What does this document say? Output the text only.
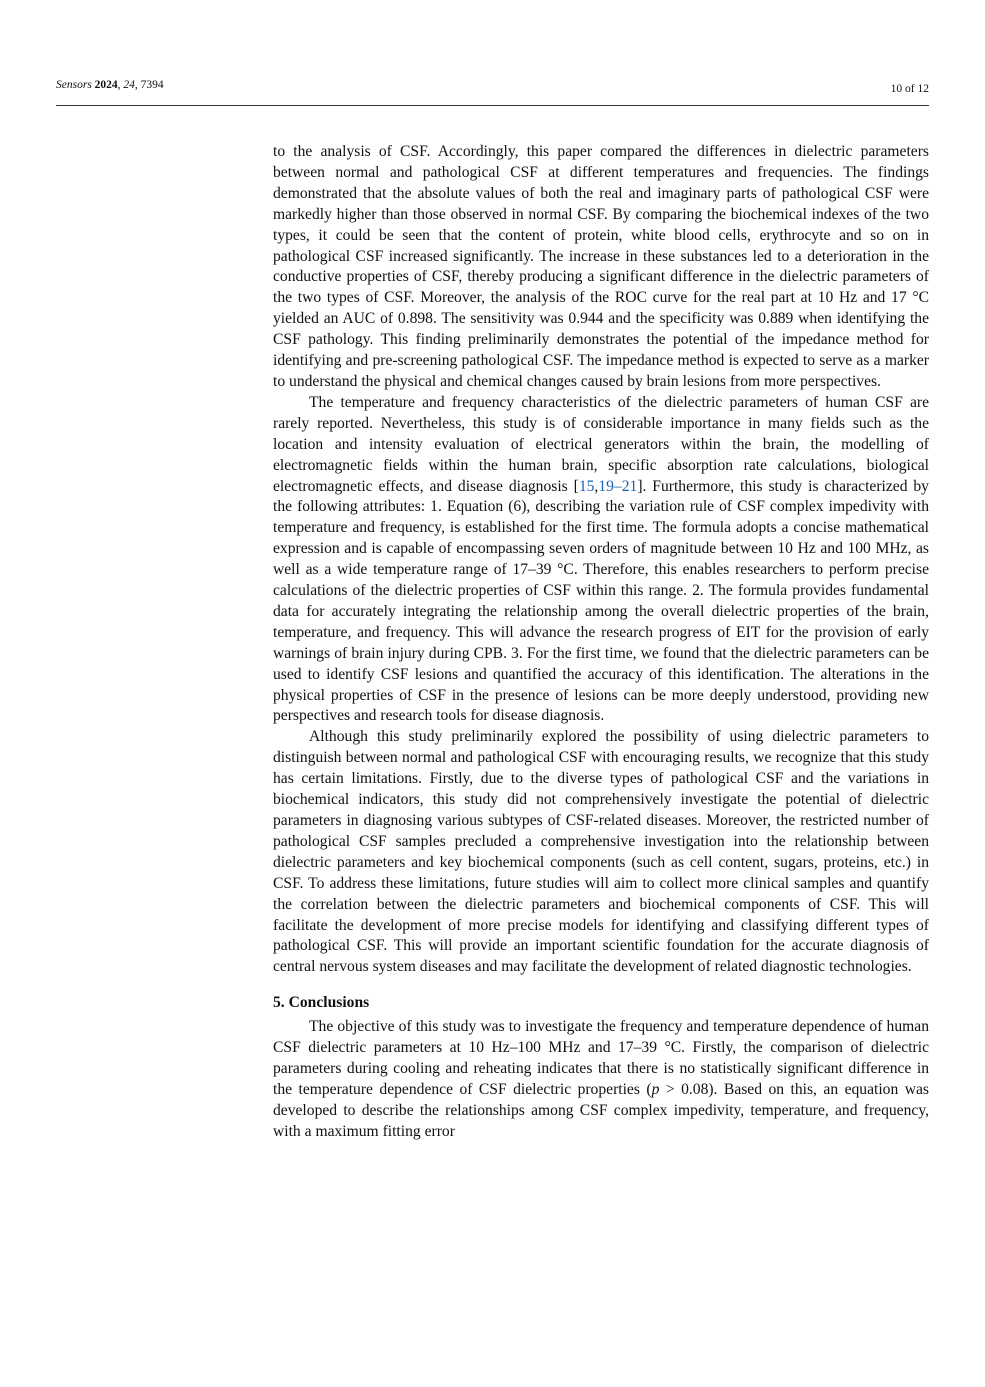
Sensors 2024, 24, 7394	10 of 12

to the analysis of CSF. Accordingly, this paper compared the differences in dielectric parameters between normal and pathological CSF at different temperatures and frequencies. The findings demonstrated that the absolute values of both the real and imaginary parts of pathological CSF were markedly higher than those observed in normal CSF. By comparing the biochemical indexes of the two types, it could be seen that the content of protein, white blood cells, erythrocyte and so on in pathological CSF increased significantly. The increase in these substances led to a deterioration in the conductive properties of CSF, thereby producing a significant difference in the dielectric parameters of the two types of CSF. Moreover, the analysis of the ROC curve for the real part at 10 Hz and 17 °C yielded an AUC of 0.898. The sensitivity was 0.944 and the specificity was 0.889 when identifying the CSF pathology. This finding preliminarily demonstrates the potential of the impedance method for identifying and pre-screening pathological CSF. The impedance method is expected to serve as a marker to understand the physical and chemical changes caused by brain lesions from more perspectives.

The temperature and frequency characteristics of the dielectric parameters of human CSF are rarely reported. Nevertheless, this study is of considerable importance in many fields such as the location and intensity evaluation of electrical generators within the brain, the modelling of electromagnetic fields within the human brain, specific absorption rate calculations, biological electromagnetic effects, and disease diagnosis [15,19–21]. Furthermore, this study is characterized by the following attributes: 1. Equation (6), describing the variation rule of CSF complex impedivity with temperature and frequency, is established for the first time. The formula adopts a concise mathematical expression and is capable of encompassing seven orders of magnitude between 10 Hz and 100 MHz, as well as a wide temperature range of 17–39 °C. Therefore, this enables researchers to perform precise calculations of the dielectric properties of CSF within this range. 2. The formula provides fundamental data for accurately integrating the relationship among the overall dielectric properties of the brain, temperature, and frequency. This will advance the research progress of EIT for the provision of early warnings of brain injury during CPB. 3. For the first time, we found that the dielectric parameters can be used to identify CSF lesions and quantified the accuracy of this identification. The alterations in the physical properties of CSF in the presence of lesions can be more deeply understood, providing new perspectives and research tools for disease diagnosis.

Although this study preliminarily explored the possibility of using dielectric parameters to distinguish between normal and pathological CSF with encouraging results, we recognize that this study has certain limitations. Firstly, due to the diverse types of pathological CSF and the variations in biochemical indicators, this study did not comprehensively investigate the potential of dielectric parameters in diagnosing various subtypes of CSF-related diseases. Moreover, the restricted number of pathological CSF samples precluded a comprehensive investigation into the relationship between dielectric parameters and key biochemical components (such as cell content, sugars, proteins, etc.) in CSF. To address these limitations, future studies will aim to collect more clinical samples and quantify the correlation between the dielectric parameters and biochemical components of CSF. This will facilitate the development of more precise models for identifying and classifying different types of pathological CSF. This will provide an important scientific foundation for the accurate diagnosis of central nervous system diseases and may facilitate the development of related diagnostic technologies.

5. Conclusions

The objective of this study was to investigate the frequency and temperature dependence of human CSF dielectric parameters at 10 Hz–100 MHz and 17–39 °C. Firstly, the comparison of dielectric parameters during cooling and reheating indicates that there is no statistically significant difference in the temperature dependence of CSF dielectric properties (p > 0.08). Based on this, an equation was developed to describe the relationships among CSF complex impedivity, temperature, and frequency, with a maximum fitting error
